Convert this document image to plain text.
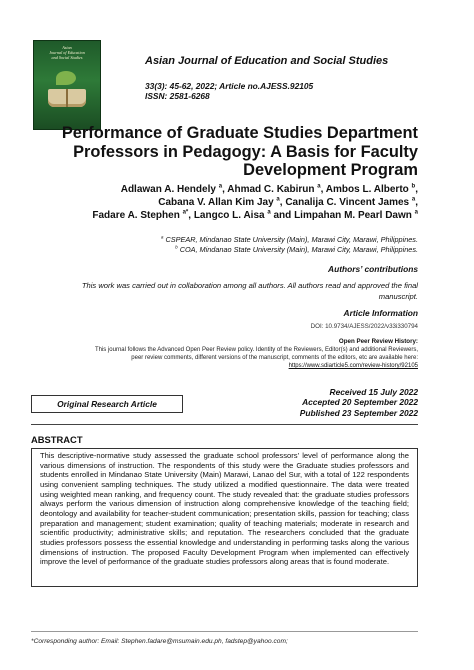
Asian
Journal of Education
and Social Studies	Asian Journal of Education and Social Studies
33(3): 45-62, 2022; Article no.AJESS.92105
ISSN: 2581-6268
Performance of Graduate Studies Department
Professors in Pedagogy: A Basis for Faculty
Development Program
Adlawan A. Hendely $^a$, Ahmad C. Kabirun $^a$, Ambos L. Alberto $^b$,
Cabana V. Allan Kim Jay $^a$, Canalija C. Vincent James $^a$,
Fadare A. Stephen $^{a*}$, Langco L. Aisa $^a$ and Limpahan M. Pearl Dawn $^a$
$^a$ CSPEAR, Mindanao State University (Main), Marawi City, Marawi, Philippines.
$^b$ COA, Mindanao State University (Main), Marawi City, Marawi, Philippines.
Authors’ contributions
This work was carried out in collaboration among all authors. All authors read and approved the final
manuscript.
Article Information
DOI: 10.9734/AJESS/2022/v33i330794
Open Peer Review History:
This journal follows the Advanced Open Peer Review policy. Identity of the Reviewers, Editor(s) and additional Reviewers,
peer review comments, different versions of the manuscript, comments of the editors, etc are available here:
https://www.sdiarticle5.com/review-history/92105
Original Research Article
Received 15 July 2022
Accepted 20 September 2022
Published 23 September 2022
ABSTRACT
This descriptive-normative study assessed the graduate school professors’ level of performance along the various dimensions of instruction. The respondents of this study were the Graduate studies professors and students enrolled in Mindanao State University (Main) Marawi, Lanao del Sur, with a total of 122 respondents using convenient sampling techniques. The study utilized a modified questionnaire. The data were treated using weighted mean ranking, and frequency count. The study revealed that: the graduate studies professors always perform the various dimension of instruction along comprehensive knowledge of the teaching field; deontology and availability for teacher-student communication; presentation skills, passion for teaching; class preparation and management; student examination; quality of teaching materials; moderate in research and scientific productivity; administrative skills; and reputation. The researchers concluded that the graduate studies professors possess the essential knowledge and understanding in performing tasks along the various dimensions of instruction. The proposed Faculty Development Program when implemented can effectively improve the level of performance of the graduate studies professors along areas that is found moderate.
*Corresponding author: Email: Stephen.fadare@msumain.edu.ph, fadstep@yahoo.com;
